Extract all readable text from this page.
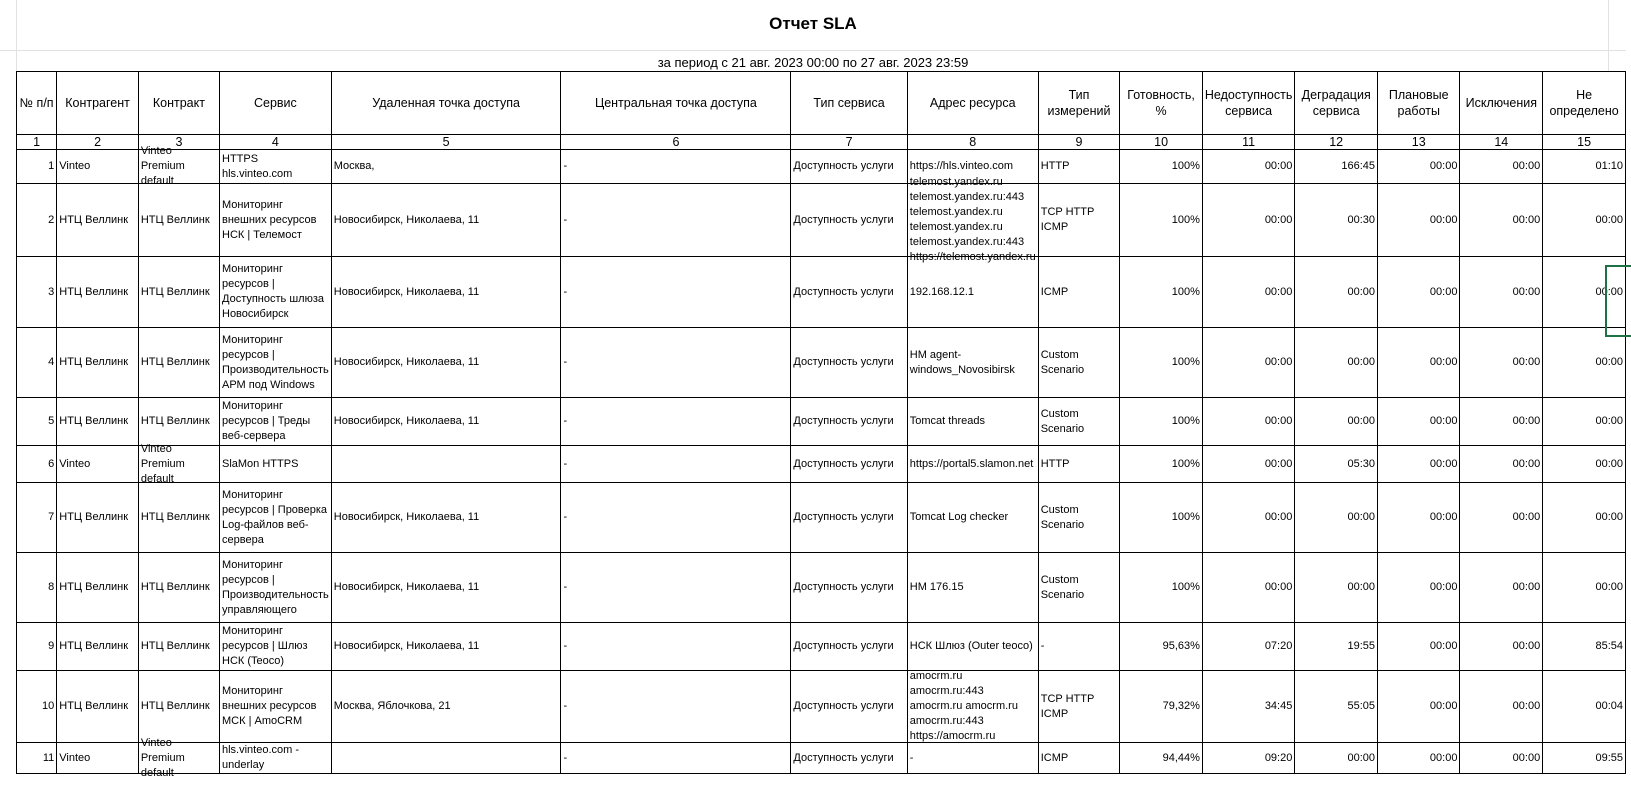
Отчет SLA
за период с 21 авг. 2023 00:00 по 27 авг. 2023 23:59
№ п/п	Контрагент	Контракт	Сервис	Удаленная точка доступа	Центральная точка доступа	Тип сервиса	Адрес ресурса	Тип измерений	Готовность, %	Недоступность сервиса	Деградация сервиса	Плановые работы	Исключения	Не определено
1	2	3	4	5	6	7	8	9	10	11	12	13	14	15

1	Vinteo	Vinteo Premium default	HTTPS hls.vinteo.com	Москва,	-	Доступность услуги	https://hls.vinteo.com	HTTP	100%	00:00	166:45	00:00	00:00	01:10

2	НТЦ Веллинк	НТЦ Веллинк	Мониторинг внешних ресурсов НСК | Телемост	Новосибирск, Николаева, 11	-	Доступность услуги	telemost.yandex.ru telemost.yandex.ru:443 telemost.yandex.ru telemost.yandex.ru telemost.yandex.ru:443 https://telemost.yandex.ru	TCP HTTP ICMP	100%	00:00	00:30	00:00	00:00	00:00

3	НТЦ Веллинк	НТЦ Веллинк	Мониторинг ресурсов | Доступность шлюза Новосибирск	Новосибирск, Николаева, 11	-	Доступность услуги	192.168.12.1	ICMP	100%	00:00	00:00	00:00	00:00	00:00

4	НТЦ Веллинк	НТЦ Веллинк	Мониторинг ресурсов | Производительность АРМ под Windows	Новосибирск, Николаева, 11	-	Доступность услуги	HM agent-windows_Novosibirsk	Custom Scenario	100%	00:00	00:00	00:00	00:00	00:00

5	НТЦ Веллинк	НТЦ Веллинк	Мониторинг ресурсов | Треды веб-сервера	Новосибирск, Николаева, 11	-	Доступность услуги	Tomcat threads	Custom Scenario	100%	00:00	00:00	00:00	00:00	00:00

6	Vinteo	Vinteo Premium default	SlaMon HTTPS		-	Доступность услуги	https://portal5.slamon.net	HTTP	100%	00:00	05:30	00:00	00:00	00:00

7	НТЦ Веллинк	НТЦ Веллинк	Мониторинг ресурсов | Проверка Log-файлов веб-сервера	Новосибирск, Николаева, 11	-	Доступность услуги	Tomcat Log checker	Custom Scenario	100%	00:00	00:00	00:00	00:00	00:00

8	НТЦ Веллинк	НТЦ Веллинк	Мониторинг ресурсов | Производительность управляющего	Новосибирск, Николаева, 11	-	Доступность услуги	HM 176.15	Custom Scenario	100%	00:00	00:00	00:00	00:00	00:00

9	НТЦ Веллинк	НТЦ Веллинк	Мониторинг ресурсов | Шлюз НСК (Teoco)	Новосибирск, Николаева, 11	-	Доступность услуги	НСК Шлюз (Outer teoco)	-	95,63%	07:20	19:55	00:00	00:00	85:54

10	НТЦ Веллинк	НТЦ Веллинк	Мониторинг внешних ресурсов МСК | AmoCRM	Москва, Яблочкова, 21	-	Доступность услуги	amocrm.ru amocrm.ru:443 amocrm.ru amocrm.ru amocrm.ru:443 https://amocrm.ru	TCP HTTP ICMP	79,32%	34:45	55:05	00:00	00:00	00:04

11	Vinteo	Vinteo Premium default	hls.vinteo.com - underlay		-	Доступность услуги	-	ICMP	94,44%	09:20	00:00	00:00	00:00	09:55
